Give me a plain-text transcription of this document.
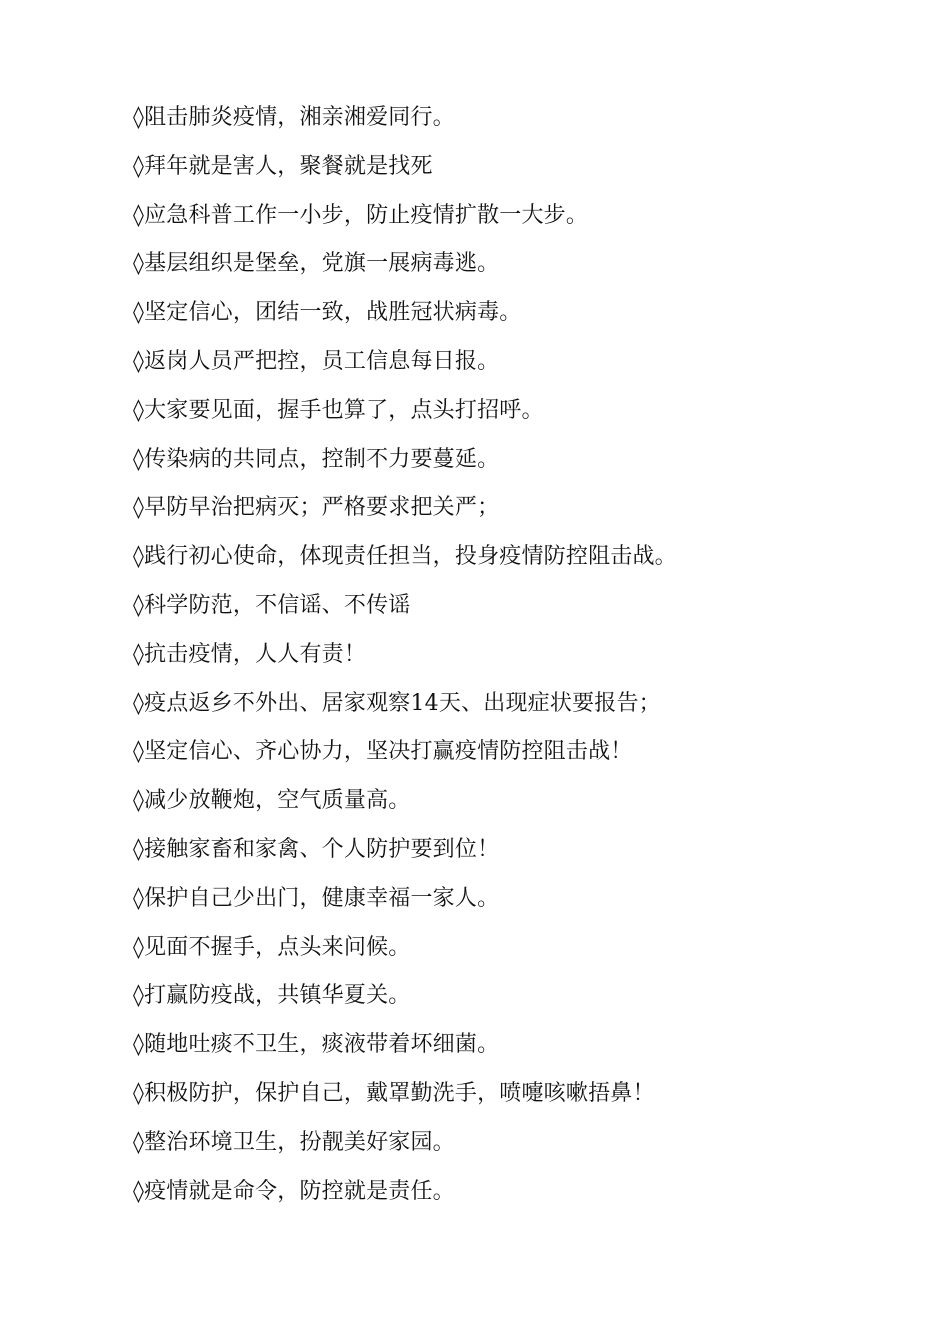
◊阻击肺炎疫情，湘亲湘爱同行。
◊拜年就是害人，聚餐就是找死
◊应急科普工作一小步，防止疫情扩散一大步。
◊基层组织是堡垒，党旗一展病毒逃。
◊坚定信心，团结一致，战胜冠状病毒。
◊返岗人员严把控，员工信息每日报。
◊大家要见面，握手也算了，点头打招呼。
◊传染病的共同点，控制不力要蔓延。
◊早防早治把病灭；严格要求把关严；
◊践行初心使命，体现责任担当，投身疫情防控阻击战。
◊科学防范，不信谣、不传谣
◊抗击疫情，人人有责！
◊疫点返乡不外出、居家观察14天、出现症状要报告；
◊坚定信心、齐心协力，坚决打赢疫情防控阻击战！
◊减少放鞭炮，空气质量高。
◊接触家畜和家禽、个人防护要到位！
◊保护自己少出门，健康幸福一家人。
◊见面不握手，点头来问候。
◊打赢防疫战，共镇华夏关。
◊随地吐痰不卫生，痰液带着坏细菌。
◊积极防护，保护自己，戴罩勤洗手，喷嚏咳嗽捂鼻！
◊整治环境卫生，扮靓美好家园。
◊疫情就是命令，防控就是责任。
